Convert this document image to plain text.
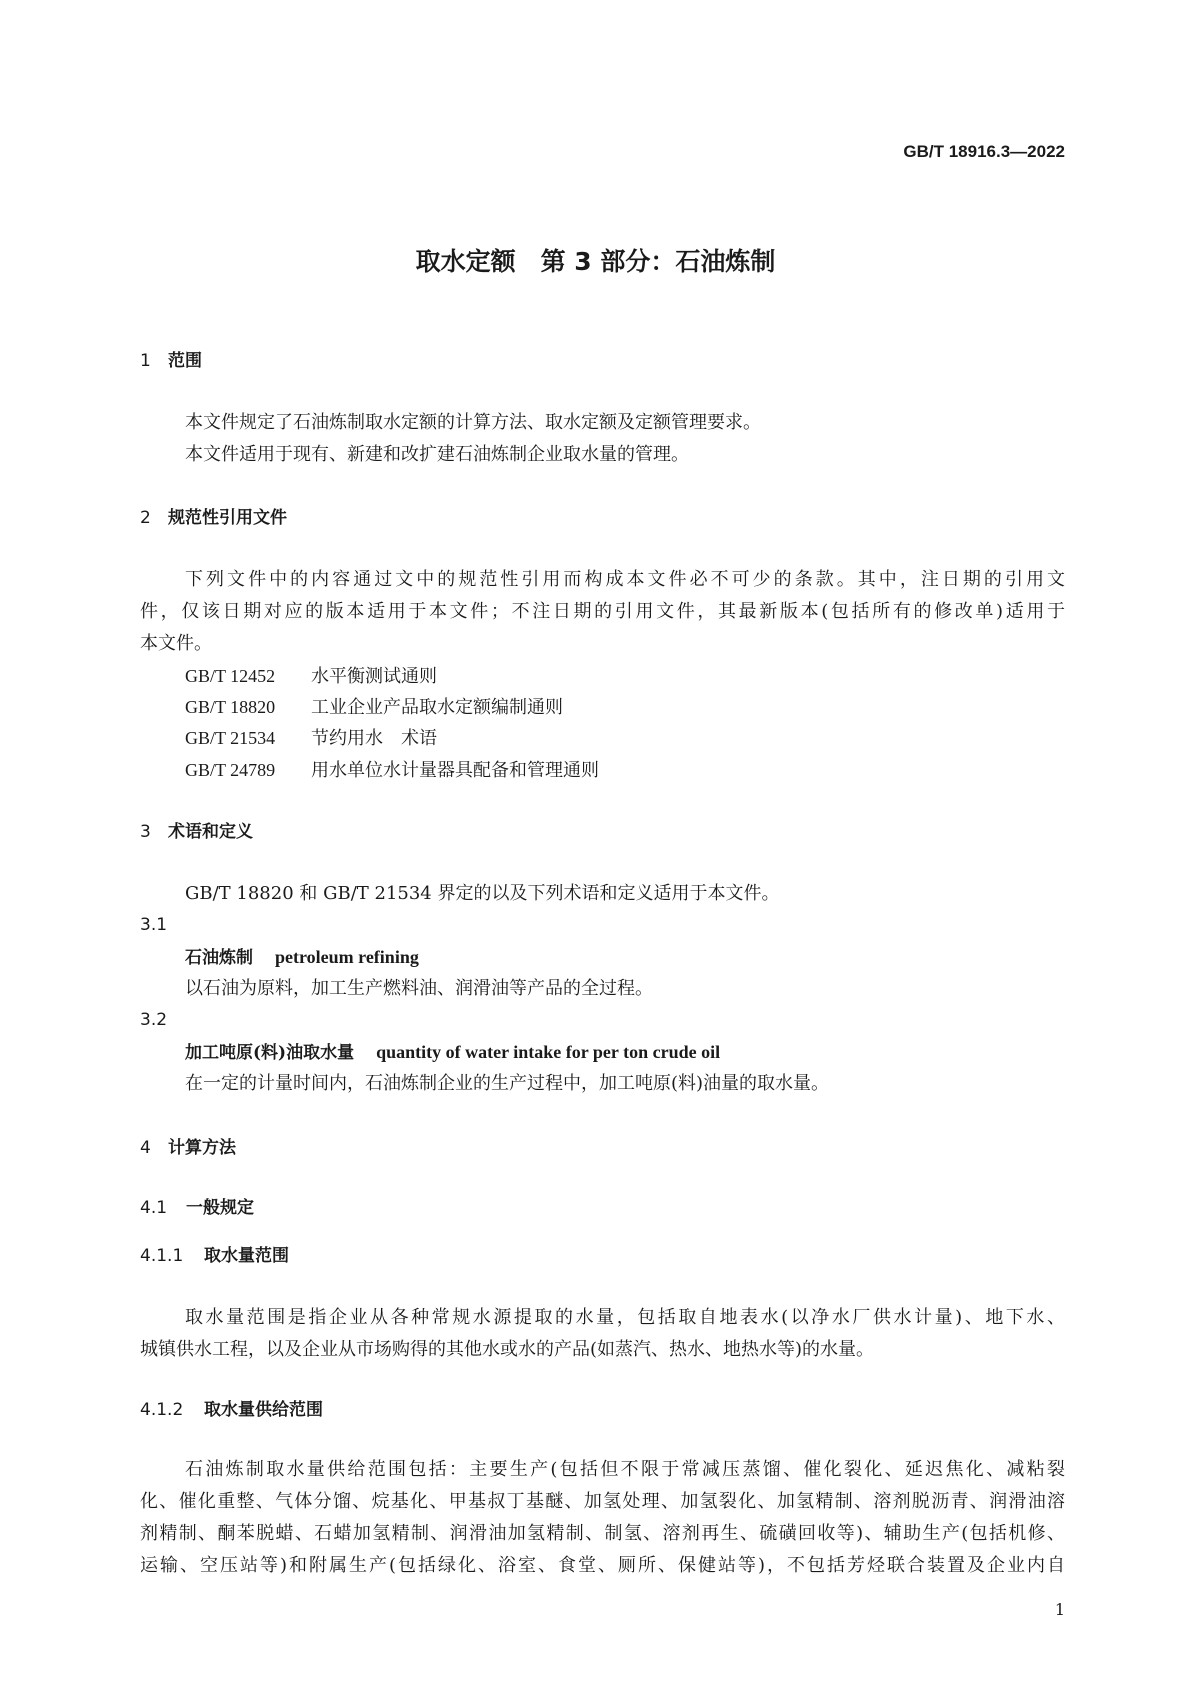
GB/T 18916.3—2022
取水定额　第 3 部分：石油炼制
1 范围
本文件规定了石油炼制取水定额的计算方法、取水定额及定额管理要求。
本文件适用于现有、新建和改扩建石油炼制企业取水量的管理。
2 规范性引用文件
下列文件中的内容通过文中的规范性引用而构成本文件必不可少的条款。其中，注日期的引用文
件，仅该日期对应的版本适用于本文件；不注日期的引用文件，其最新版本(包括所有的修改单)适用于
本文件。
GB/T 12452 水平衡测试通则
GB/T 18820 工业企业产品取水定额编制通则
GB/T 21534 节约用水　术语
GB/T 24789 用水单位水计量器具配备和管理通则
3 术语和定义
GB/T 18820 和 GB/T 21534 界定的以及下列术语和定义适用于本文件。
3.1
石油炼制 petroleum refining
以石油为原料，加工生产燃料油、润滑油等产品的全过程。
3.2
加工吨原(料)油取水量 quantity of water intake for per ton crude oil
在一定的计量时间内，石油炼制企业的生产过程中，加工吨原(料)油量的取水量。
4 计算方法
4.1 一般规定
4.1.1 取水量范围
取水量范围是指企业从各种常规水源提取的水量，包括取自地表水(以净水厂供水计量)、地下水、
城镇供水工程，以及企业从市场购得的其他水或水的产品(如蒸汽、热水、地热水等)的水量。
4.1.2 取水量供给范围
石油炼制取水量供给范围包括：主要生产(包括但不限于常减压蒸馏、催化裂化、延迟焦化、减粘裂
化、催化重整、气体分馏、烷基化、甲基叔丁基醚、加氢处理、加氢裂化、加氢精制、溶剂脱沥青、润滑油溶
剂精制、酮苯脱蜡、石蜡加氢精制、润滑油加氢精制、制氢、溶剂再生、硫磺回收等)、辅助生产(包括机修、
运输、空压站等)和附属生产(包括绿化、浴室、食堂、厕所、保健站等)，不包括芳烃联合装置及企业内自
1
